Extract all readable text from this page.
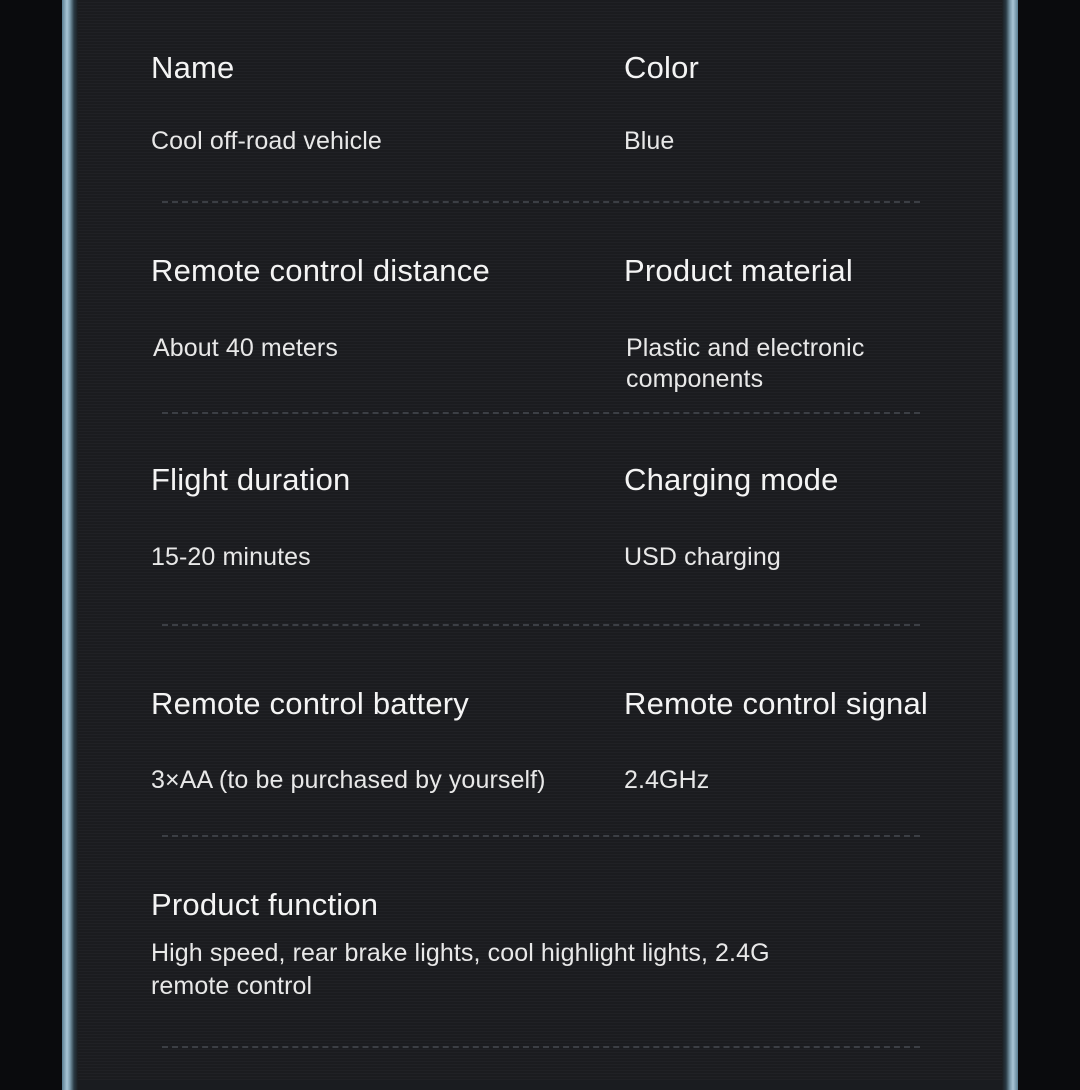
Name
Cool off-road vehicle
Color
Blue
Remote control distance
About 40 meters
Product material
Plastic and electronic components
Flight duration
15-20 minutes
Charging mode
USD charging
Remote control battery
3×AA (to be purchased by yourself)
Remote control signal
2.4GHz
Product function
High speed, rear brake lights, cool highlight lights, 2.4G remote control
